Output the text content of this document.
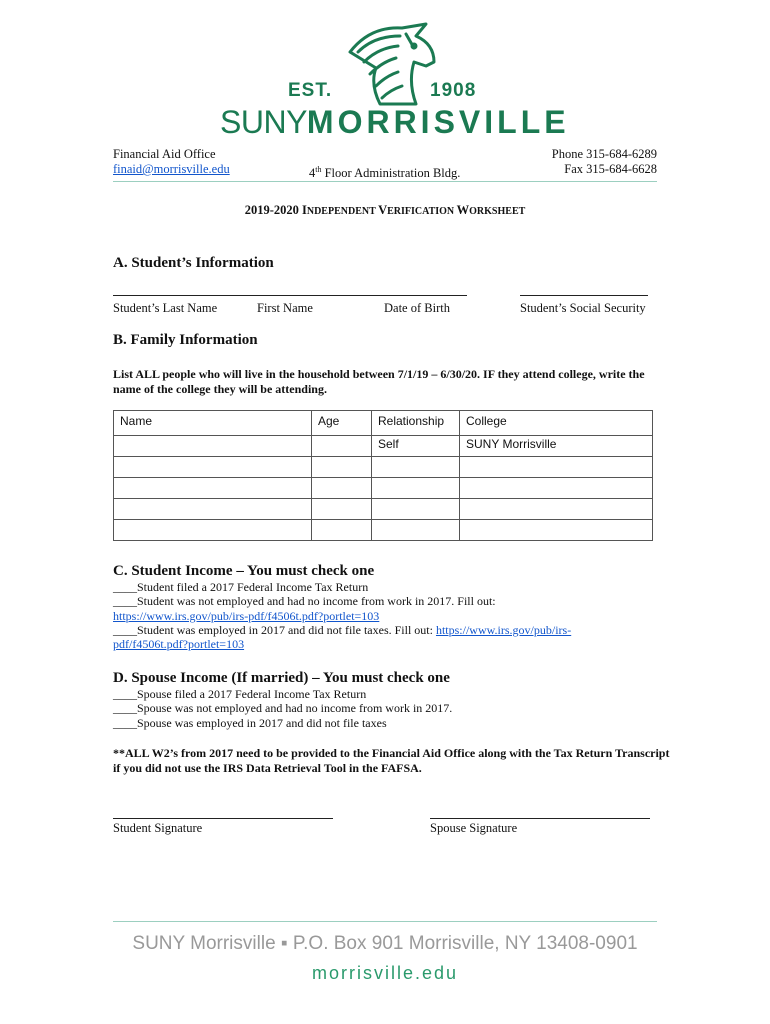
EST.	1908
SUNYMORRISVILLE
Financial Aid Office
finaid@morrisville.edu	4th Floor Administration Bldg.
Phone 315-684-6289
Fax 315-684-6628
2019-2020 INDEPENDENT VERIFICATION WORKSHEET
A. Student’s Information
Student’s Last Name	First Name	Date of Birth	Student’s Social Security
B. Family Information
List ALL people who will live in the household between 7/1/19 – 6/30/20. IF they attend college, write the name of the college they will be attending.
Name	Age	Relationship	College
		Self	SUNY Morrisville

C. Student Income – You must check one
____Student filed a 2017 Federal Income Tax Return
____Student was not employed and had no income from work in 2017. Fill out:
https://www.irs.gov/pub/irs-pdf/f4506t.pdf?portlet=103
____Student was employed in 2017 and did not file taxes. Fill out: https://www.irs.gov/pub/irs-
pdf/f4506t.pdf?portlet=103
D. Spouse Income (If married) – You must check one
____Spouse filed a 2017 Federal Income Tax Return
____Spouse was not employed and had no income from work in 2017.
____Spouse was employed in 2017 and did not file taxes
**ALL W2’s from 2017 need to be provided to the Financial Aid Office along with the Tax Return Transcript if you did not use the IRS Data Retrieval Tool in the FAFSA.
Student Signature	Spouse Signature
SUNY Morrisville ▪ P.O. Box 901 Morrisville, NY 13408-0901
morrisville.edu
